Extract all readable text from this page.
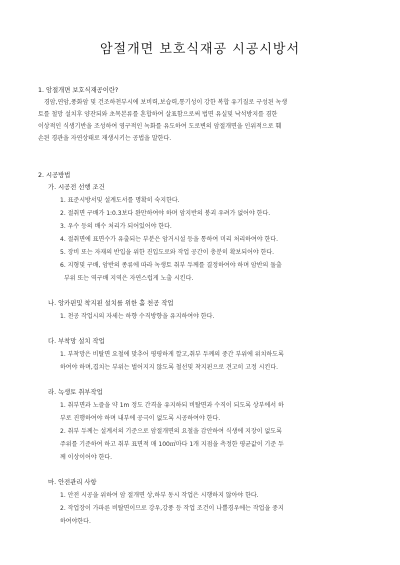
암절개면 보호식재공 시공시방서
1. 암절개면 보호식재공이란?
경암,연암,풍화암 및 건조하천부시에 보비력,보습력,통기성이 강한 복합 유기질로 구성된 녹생
토를 철망 설치후 양잔되와 초목본류를 혼합하여 살표함으로써 법면 유실및 낙석방지를 겸한
이상적인 식생기반을 조성하여 영구적인 녹화를 유도하여 도로변의 암절개면을 인위적으로 훼
손된 경관을 자연상태로 재생시키는 공법을 말한다.
2. 시공방법
가. 시공전 선행 조건
1. 표준시방서및 설계도서를 명확히 숙지한다.
2. 절취면 구배가 1:0.3보다 완만하여야 하며 암지반의 붕괴 우려가 없어야 한다.
3. 우수 등의 배수 처리가 되어있어야 한다.
4. 절취면에 표면수가 유출되는 부분은 암거시설 등을 통하여 미리 처리하여야 한다.
5. 장비 또는 자재의 반입을 위한 진입도로와 작업 공간이 충분히 확보되어야 한다.
6. 지형및 구배, 암반의 종류에 따라 녹생토 취부 두께를 결정하여야 하며 암반의 돌출
부위 또는 역구배 지역은 자연스럽게 노출 시킨다.
나. 앙카핀및 착지핀 설치를 위한 홀 천공 작업
1. 천공 작업시의 자세는 하향 수직방향을 유지하여야 한다.
다. 부착망 설치 작업
1. 부착망은 비탈면 요철에 맞추어 평평하게 깔고,취부 두께의 중간 부위에 위치하도록
하여야 하며,겹치는 부위는 벌어지지 않도록 철선및 착지핀으로 견고히 고정 시킨다.
라. 녹생토 취부작업
1. 취부면과 노즐을 약 1m 정도 간격을 유지하되 비탈면과 수직이 되도록 상부에서 하
부로 진행하여야 하며 내부에 공극이 없도록 시공하여야 한다.
2. 취부 두께는 설계서의 기준으로 암절개면의 요철을 감안하여 식생에 지장이 없도록
주위를 기준하여 하고 취부 표면적 매 100㎡마다 1개 지점을 측정한 평균값이 기준 두
께 이상이어야 한다.
마. 안전관리 사항
1. 안전 시공을 위하여 암 절개면 상,하부 동시 작업은 시행하지 않아야 한다.
2. 작업장이 가파른 비탈면이므로 강우,강풍 등 작업 조건이 나쁠경우에는 작업을 중지
하여야한다.
